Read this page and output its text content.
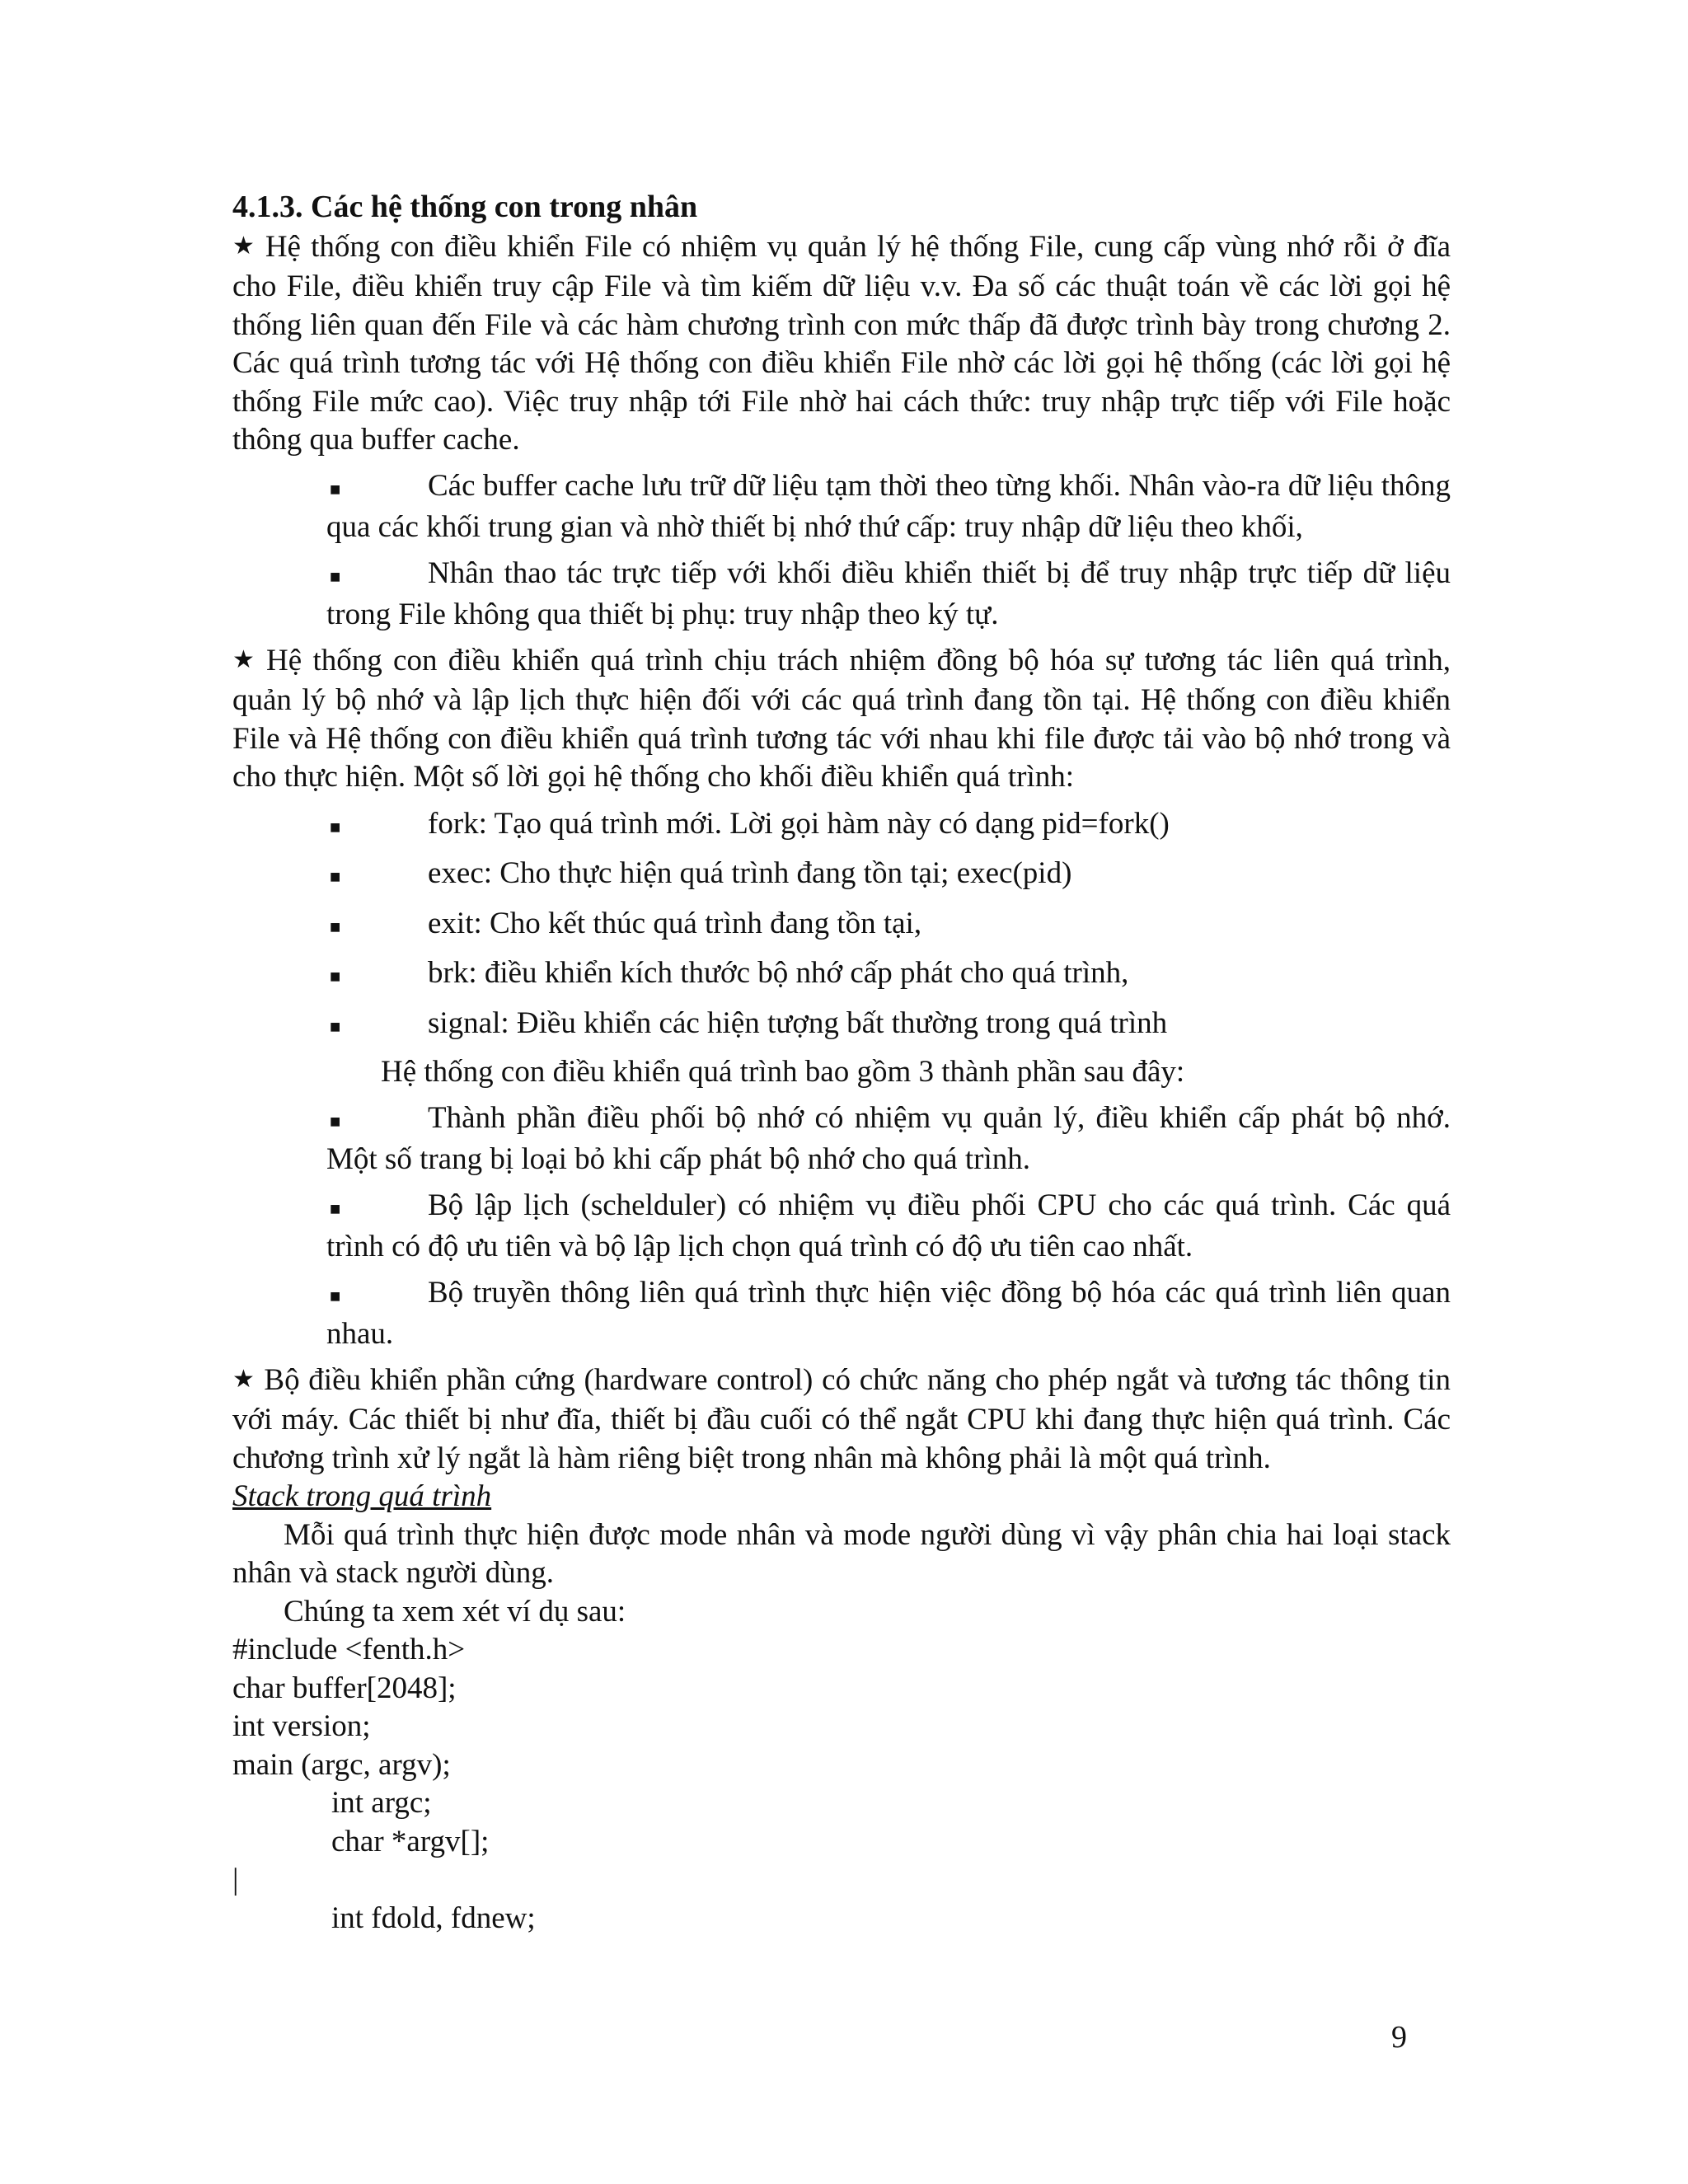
4.1.3. Các hệ thống con trong nhân

★ Hệ thống con điều khiển File có nhiệm vụ quản lý hệ thống File, cung cấp vùng nhớ rỗi ở đĩa cho File, điều khiển truy cập File và tìm kiếm dữ liệu v.v. Đa số các thuật toán về các lời gọi hệ thống liên quan đến File và các hàm chương trình con mức thấp đã được trình bày trong chương 2. Các quá trình tương tác với Hệ thống con điều khiển File nhờ các lời gọi hệ thống (các lời gọi hệ thống File mức cao). Việc truy nhập tới File nhờ hai cách thức: truy nhập trực tiếp với File hoặc thông qua buffer cache.

■	Các buffer cache lưu trữ dữ liệu tạm thời theo từng khối. Nhân vào-ra dữ liệu thông qua các khối trung gian và nhờ thiết bị nhớ thứ cấp: truy nhập dữ liệu theo khối,
■	Nhân thao tác trực tiếp với khối điều khiển thiết bị để truy nhập trực tiếp dữ liệu trong File không qua thiết bị phụ: truy nhập theo ký tự.

★ Hệ thống con điều khiển quá trình chịu trách nhiệm đồng bộ hóa sự tương tác liên quá trình, quản lý bộ nhớ và lập lịch thực hiện đối với các quá trình đang tồn tại. Hệ thống con điều khiển File và Hệ thống con điều khiển quá trình tương tác với nhau khi file được tải vào bộ nhớ trong và cho thực hiện. Một số lời gọi hệ thống cho khối điều khiển quá trình:

■	fork: Tạo quá trình mới. Lời gọi hàm này có dạng pid=fork()
■	exec: Cho thực hiện quá trình đang tồn tại; exec(pid)
■	exit: Cho kết thúc quá trình đang tồn tại,
■	brk: điều khiển kích thước bộ nhớ cấp phát cho quá trình,
■	signal: Điều khiển các hiện tượng bất thường trong quá trình

Hệ thống con điều khiển quá trình bao gồm 3 thành phần sau đây:

■	Thành phần điều phối bộ nhớ có nhiệm vụ quản lý, điều khiển cấp phát bộ nhớ. Một số trang bị loại bỏ khi cấp phát bộ nhớ cho quá trình.
■	Bộ lập lịch (schelduler) có nhiệm vụ điều phối CPU cho các quá trình. Các quá trình có độ ưu tiên và bộ lập lịch chọn quá trình có độ ưu tiên cao nhất.
■	Bộ truyền thông liên quá trình thực hiện việc đồng bộ hóa các quá trình liên quan nhau.

★ Bộ điều khiển phần cứng (hardware control) có chức năng cho phép ngắt và tương tác thông tin với máy. Các thiết bị như đĩa, thiết bị đầu cuối có thể ngắt CPU khi đang thực hiện quá trình. Các chương trình xử lý ngắt là hàm riêng biệt trong nhân mà không phải là một quá trình.

Stack trong quá trình

Mỗi quá trình thực hiện được mode nhân và mode người dùng vì vậy phân chia hai loại stack nhân và stack người dùng.

Chúng ta xem xét ví dụ sau:

#include <fenth.h>

char buffer[2048];

int version;

main (argc, argv);

int argc;

char *argv[];

|

int fdold, fdnew;

9
